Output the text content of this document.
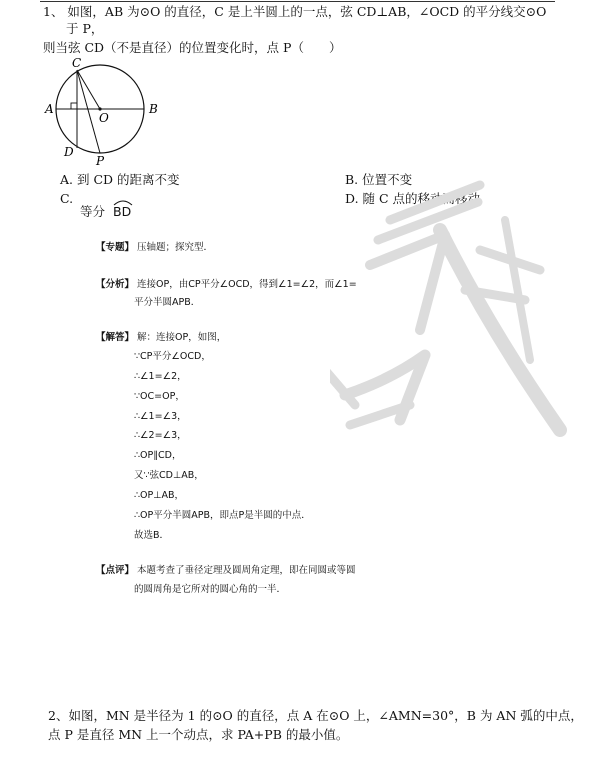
1、 如图，AB 为⊙O 的直径，C 是上半圆上的一点，弦 CD⊥AB，∠OCD 的平分线交⊙O
于 P，
则当弦 CD（不是直径）的位置变化时，点 P（　　）
C
A
O
B
D
P
A. 到 CD 的距离不变	B. 位置不变
C.	D. 随 C 点的移动而移动
等分 BD
【专题】 压轴题；探究型．
【分析】 连接OP，由CP平分∠OCD，得到∠1=∠2，而∠1=
平分半圆APB．
【解答】 解：连接OP，如图，
∵CP平分∠OCD，
∴∠1=∠2，
∵OC=OP，
∴∠1=∠3，
∴∠2=∠3，
∴OP∥CD，
又∵弦CD⊥AB，
∴OP⊥AB，
∴OP平分半圆APB，即点P是半圆的中点．
故选B．
【点评】 本题考查了垂径定理及圆周角定理，即在同圆或等圆
的圆周角是它所对的圆心角的一半．
2、如图，MN 是半径为 1 的⊙O 的直径，点 A 在⊙O 上，∠AMN=30°，B 为 AN 弧的中点，
点 P 是直径 MN 上一个动点，求 PA+PB 的最小值。
